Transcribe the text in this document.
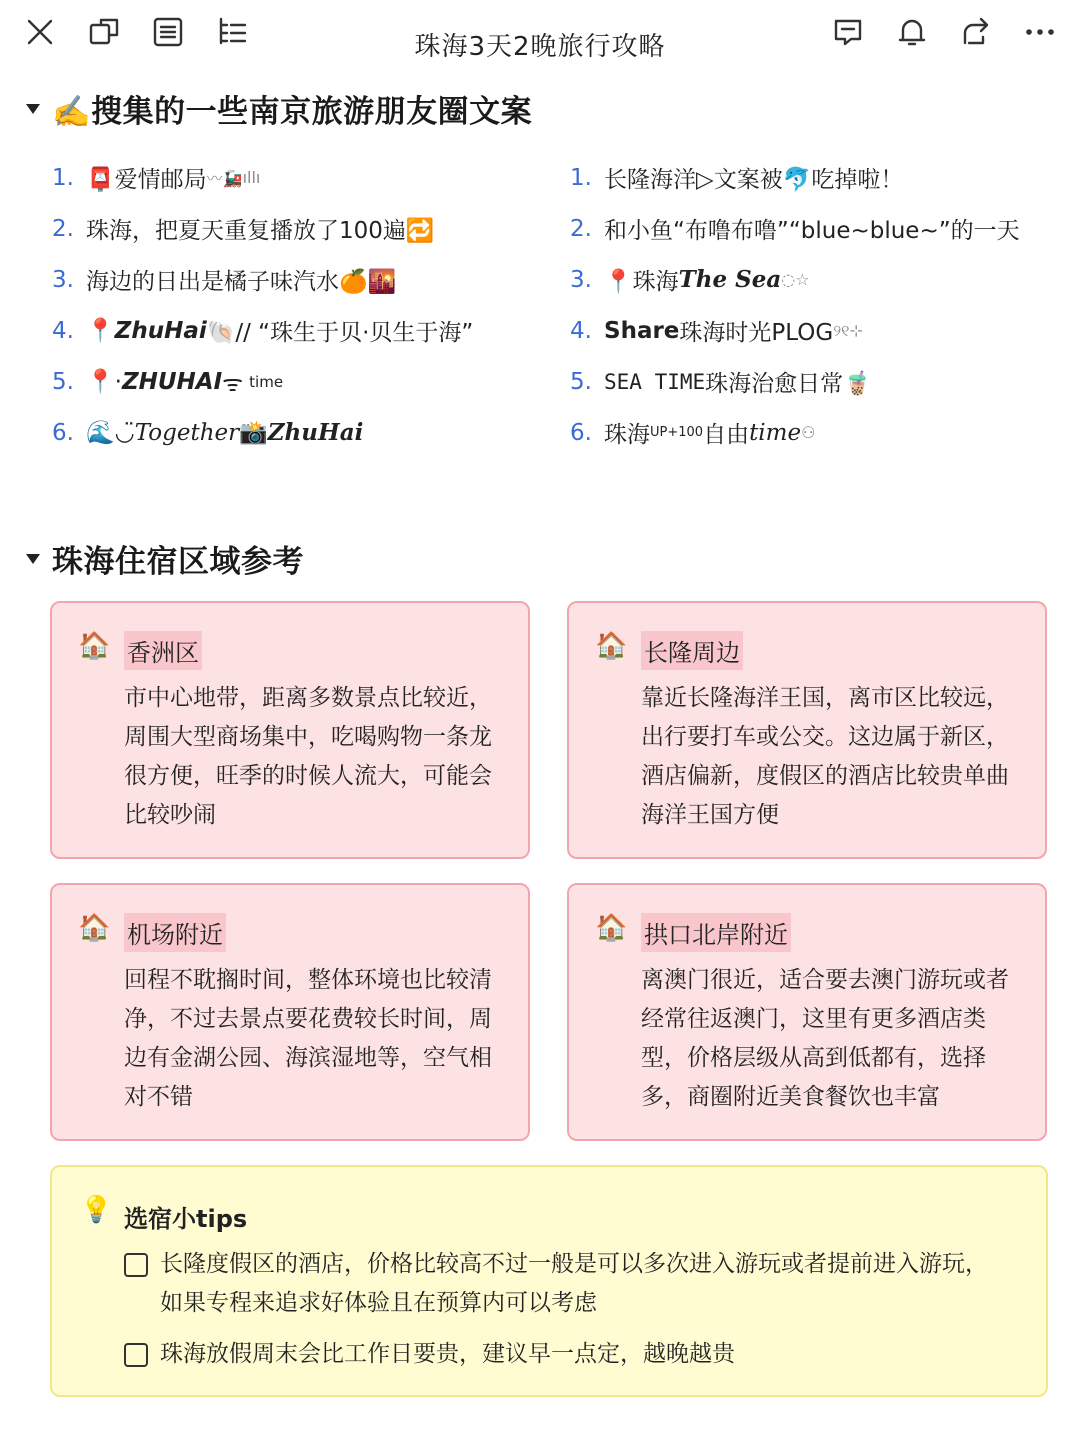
珠海3天2晚旅行攻略
✍️搜集的一些南京旅游朋友圈文案
1. 📮爱情邮局 〰🚂 ıllı
2. 珠海，把夏天重复播放了100遍🔁
3. 海边的日出是橘子味汽水🍊🌇
4. 📍 ZhuHai 🐚// “珠生于贝·贝生于海”
5. 📍· ZHUHAI ᯤ time
6. 🌊◡̈ Together 📸 ZhuHai
1. 长隆海洋▷文案被🐬吃掉啦！
2. 和小鱼“布噜布噜”“blue~blue~”的一天
3. 📍珠海 The Sea ◌☆
4. Share 珠海时光PLOG ୨୧⊹
5. SEA TIME 珠海治愈日常🧋
6. 珠海 UP+100 自由 time ⚇
珠海住宿区域参考
🏠 香洲区
市中心地带，距离多数景点比较近，周围大型商场集中，吃喝购物一条龙很方便，旺季的时候人流大，可能会比较吵闹
🏠 长隆周边
靠近长隆海洋王国，离市区比较远，出行要打车或公交。这边属于新区，酒店偏新，度假区的酒店比较贵单曲海洋王国方便
🏠 机场附近
回程不耽搁时间，整体环境也比较清净，不过去景点要花费较长时间，周边有金湖公园、海滨湿地等，空气相对不错
🏠 拱口北岸附近
离澳门很近，适合要去澳门游玩或者经常往返澳门，这里有更多酒店类型，价格层级从高到低都有，选择多，商圈附近美食餐饮也丰富
💡 选宿小tips
长隆度假区的酒店，价格比较高不过一般是可以多次进入游玩或者提前进入游玩，如果专程来追求好体验且在预算内可以考虑
珠海放假周末会比工作日要贵，建议早一点定，越晚越贵
